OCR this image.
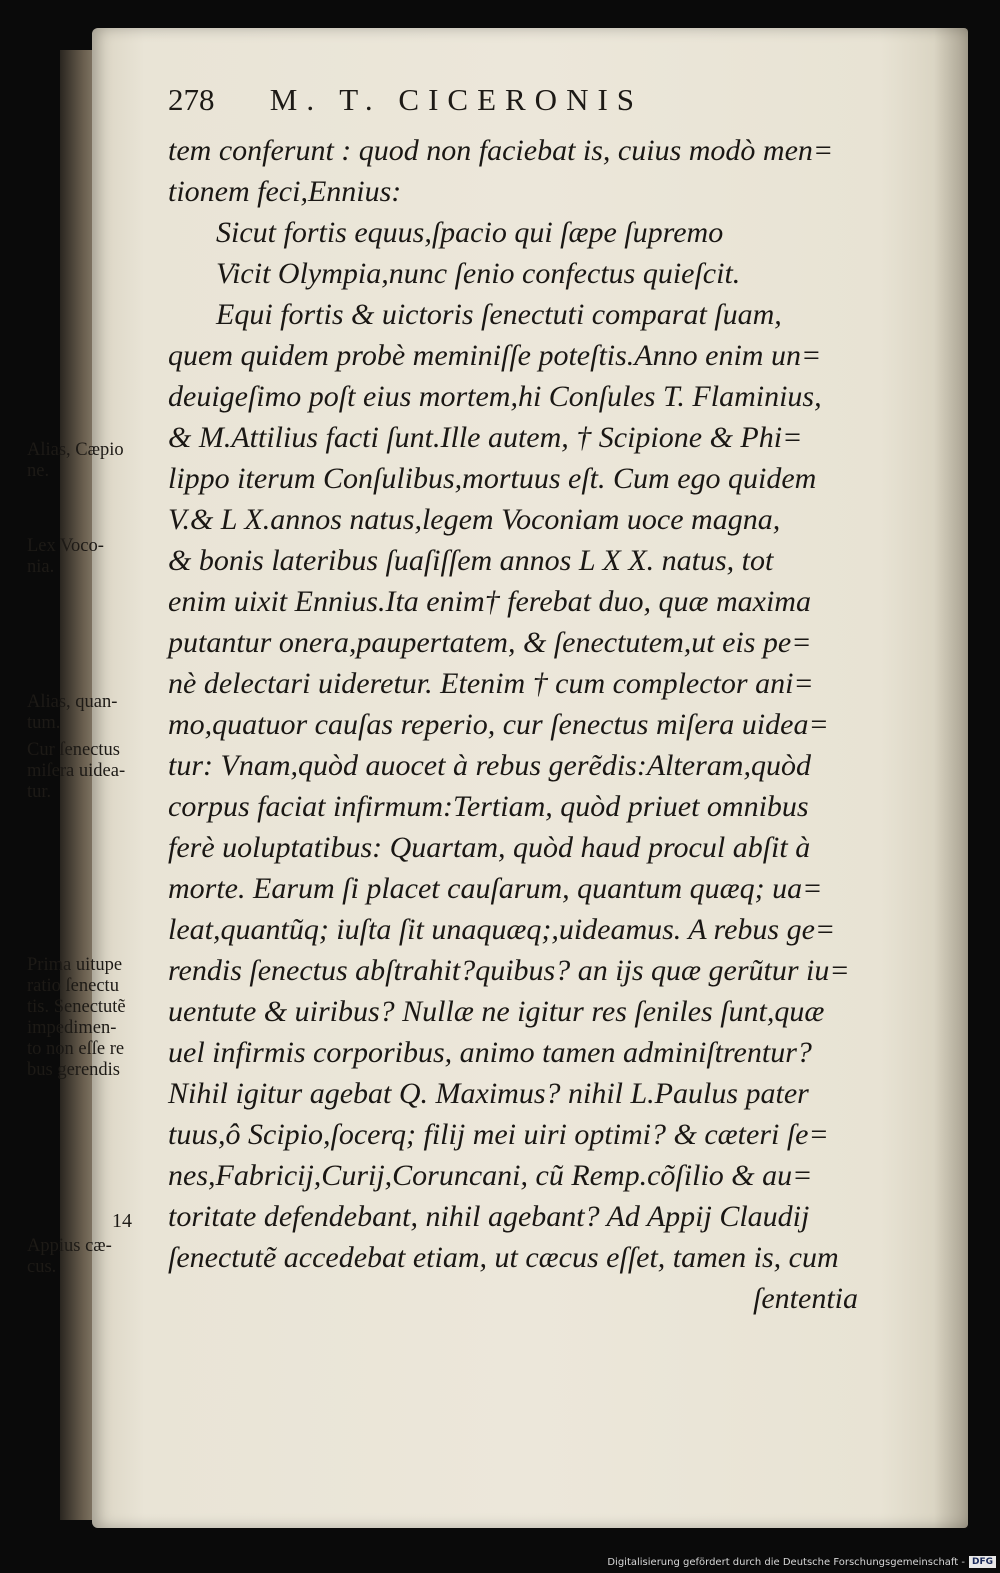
278 M. T. CICERONIS
tem conferunt : quod non faciebat is, cuius modò men=
tionem feci,Ennius:
Sicut fortis equus,ſpacio qui ſæpe ſupremo
Vicit Olympia,nunc ſenio confectus quieſcit.
Equi fortis & uictoris ſenectuti comparat ſuam,
quem quidem probè meminiſſe poteſtis.Anno enim un=
deuigeſimo poſt eius mortem,hi Conſules T. Flaminius,
& M.Attilius facti ſunt.Ille autem, † Scipione & Phi=
lippo iterum Conſulibus,mortuus eſt. Cum ego quidem
V.& L X.annos natus,legem Voconiam uoce magna,
& bonis lateribus ſuaſiſſem annos L X X. natus, tot
enim uixit Ennius.Ita enim† ferebat duo, quæ maxima
putantur onera,paupertatem, & ſenectutem,ut eis pe=
nè delectari uideretur. Etenim † cum complector ani=
mo,quatuor cauſas reperio, cur ſenectus miſera uidea=
tur: Vnam,quòd auocet à rebus gerẽdis:Alteram,quòd
corpus faciat infirmum:Tertiam, quòd priuet omnibus
ferè uoluptatibus: Quartam, quòd haud procul abſit à
morte. Earum ſi placet cauſarum, quantum quæq; ua=
leat,quantũq; iuſta ſit unaquæq;,uideamus. A rebus ge=
rendis ſenectus abſtrahit?quibus? an ijs quæ gerũtur iu=
uentute & uiribus? Nullæ ne igitur res ſeniles ſunt,quæ
uel infirmis corporibus, animo tamen adminiſtrentur?
Nihil igitur agebat Q. Maximus? nihil L.Paulus pater
tuus,ô Scipio,ſocerq; filij mei uiri optimi? & cæteri ſe=
nes,Fabricij,Curij,Coruncani, cũ Remp.cõſilio & au=
toritate defendebant, nihil agebant? Ad Appij Claudij
ſenectutẽ accedebat etiam, ut cæcus eſſet, tamen is, cum
ſententia
Alias, Cæpio
ne.
Lex Voco-
nia.
Alias, quan-
tum.
Cur ſenectus
miſera uidea-
tur.
Prima uitupe
ratio ſenectu
tis. Senectutẽ
impedimen-
to non eſſe re
bus gerendis
Appius cæ-
cus.
14
Digitalisierung gefördert durch die Deutsche Forschungsgemeinschaft - DFG
